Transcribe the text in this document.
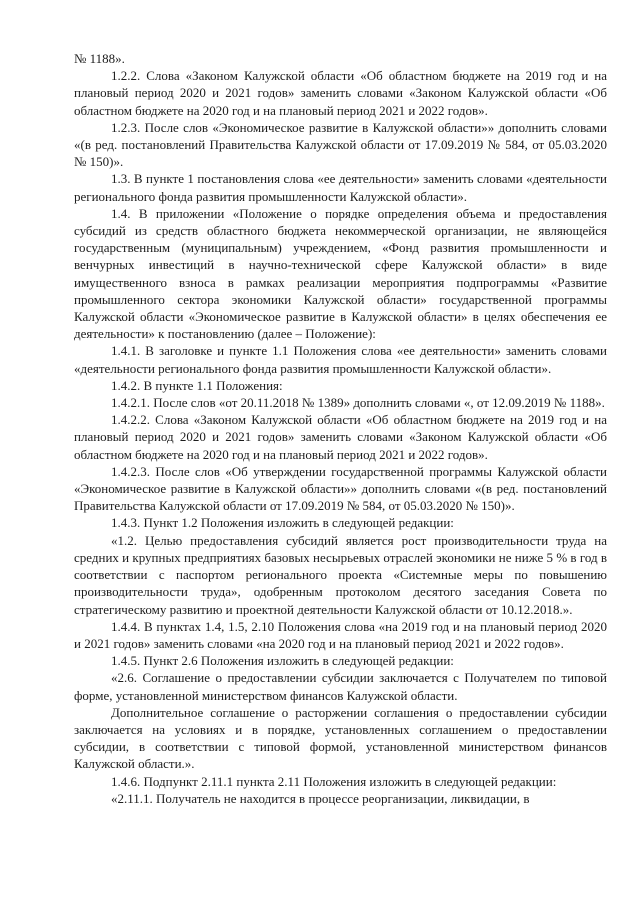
№ 1188».

1.2.2. Слова «Законом Калужской области «Об областном бюджете на 2019 год и на плановый период 2020 и 2021 годов» заменить словами «Законом Калужской области «Об областном бюджете на 2020 год и на плановый период 2021 и 2022 годов».

1.2.3. После слов «Экономическое развитие в Калужской области»» дополнить словами «(в ред. постановлений Правительства Калужской области от 17.09.2019 № 584, от 05.03.2020 № 150)».

1.3. В пункте 1 постановления слова «ее деятельности» заменить словами «деятельности регионального фонда развития промышленности Калужской области».

1.4. В приложении «Положение о порядке определения объема и предоставления субсидий из средств областного бюджета некоммерческой организации, не являющейся государственным (муниципальным) учреждением, «Фонд развития промышленности и венчурных инвестиций в научно-технической сфере Калужской области» в виде имущественного взноса в рамках реализации мероприятия подпрограммы «Развитие промышленного сектора экономики Калужской области» государственной программы Калужской области «Экономическое развитие в Калужской области» в целях обеспечения ее деятельности» к постановлению (далее – Положение):

1.4.1. В заголовке и пункте 1.1 Положения слова «ее деятельности» заменить словами «деятельности регионального фонда развития промышленности Калужской области».

1.4.2. В пункте 1.1 Положения:

1.4.2.1. После слов «от 20.11.2018 № 1389» дополнить словами «, от 12.09.2019 № 1188».

1.4.2.2. Слова «Законом Калужской области «Об областном бюджете на 2019 год и на плановый период 2020 и 2021 годов» заменить словами «Законом Калужской области «Об областном бюджете на 2020 год и на плановый период 2021 и 2022 годов».

1.4.2.3. После слов «Об утверждении государственной программы Калужской области «Экономическое развитие в Калужской области»» дополнить словами «(в ред. постановлений Правительства Калужской области от 17.09.2019 № 584, от 05.03.2020 № 150)».

1.4.3. Пункт 1.2 Положения изложить в следующей редакции:

«1.2. Целью предоставления субсидий является рост производительности труда на средних и крупных предприятиях базовых несырьевых отраслей экономики не ниже 5 % в год в соответствии с паспортом регионального проекта «Системные меры по повышению производительности труда», одобренным протоколом десятого заседания Совета по стратегическому развитию и проектной деятельности Калужской области от 10.12.2018.».

1.4.4. В пунктах 1.4, 1.5, 2.10 Положения слова «на 2019 год и на плановый период 2020 и 2021 годов» заменить словами «на 2020 год и на плановый период 2021 и 2022 годов».

1.4.5. Пункт 2.6 Положения изложить в следующей редакции:

«2.6. Соглашение о предоставлении субсидии заключается с Получателем по типовой форме, установленной министерством финансов Калужской области.

Дополнительное соглашение о расторжении соглашения о предоставлении субсидии заключается на условиях и в порядке, установленных соглашением о предоставлении субсидии, в соответствии с типовой формой, установленной министерством финансов Калужской области.».

1.4.6. Подпункт 2.11.1 пункта 2.11 Положения изложить в следующей редакции:

«2.11.1. Получатель не находится в процессе реорганизации, ликвидации, в
